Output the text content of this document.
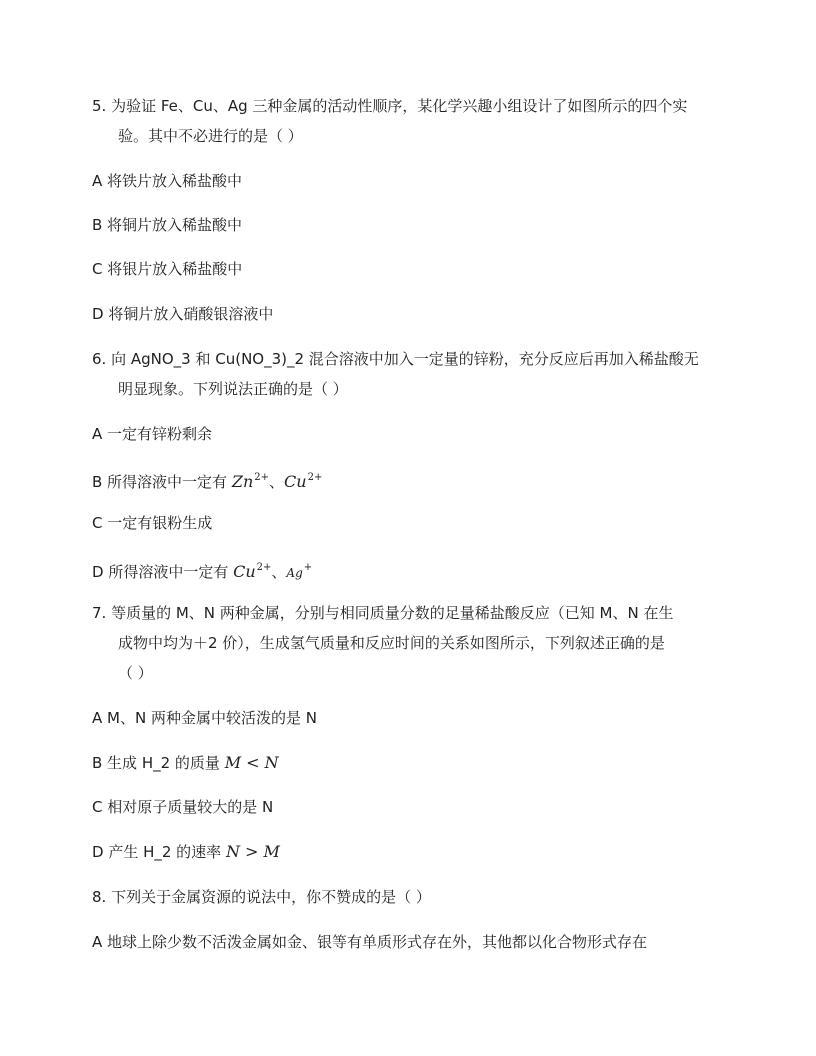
5. 为验证 Fe、Cu、Ag 三种金属的活动性顺序，某化学兴趣小组设计了如图所示的四个实
验。其中不必进行的是（ ）
A 将铁片放入稀盐酸中
B 将铜片放入稀盐酸中
C 将银片放入稀盐酸中
D 将铜片放入硝酸银溶液中
6. 向 AgNO_3 和 Cu(NO_3)_2 混合溶液中加入一定量的锌粉，充分反应后再加入稀盐酸无
明显现象。下列说法正确的是（ ）
A 一定有锌粉剩余
B 所得溶液中一定有 $Zn^{2+}$、$Cu^{2+}$
C 一定有银粉生成
D 所得溶液中一定有 $Cu^{2+}$、Ag+
7. 等质量的 M、N 两种金属，分别与相同质量分数的足量稀盐酸反应（已知 M、N 在生
成物中均为＋2 价），生成氢气质量和反应时间的关系如图所示，下列叙述正确的是
（ ）
A M、N 两种金属中较活泼的是 N
B 生成 H_2 的质量 M < N
C 相对原子质量较大的是 N
D 产生 H_2 的速率 N > M
8. 下列关于金属资源的说法中，你不赞成的是（ ）
A 地球上除少数不活泼金属如金、银等有单质形式存在外，其他都以化合物形式存在
